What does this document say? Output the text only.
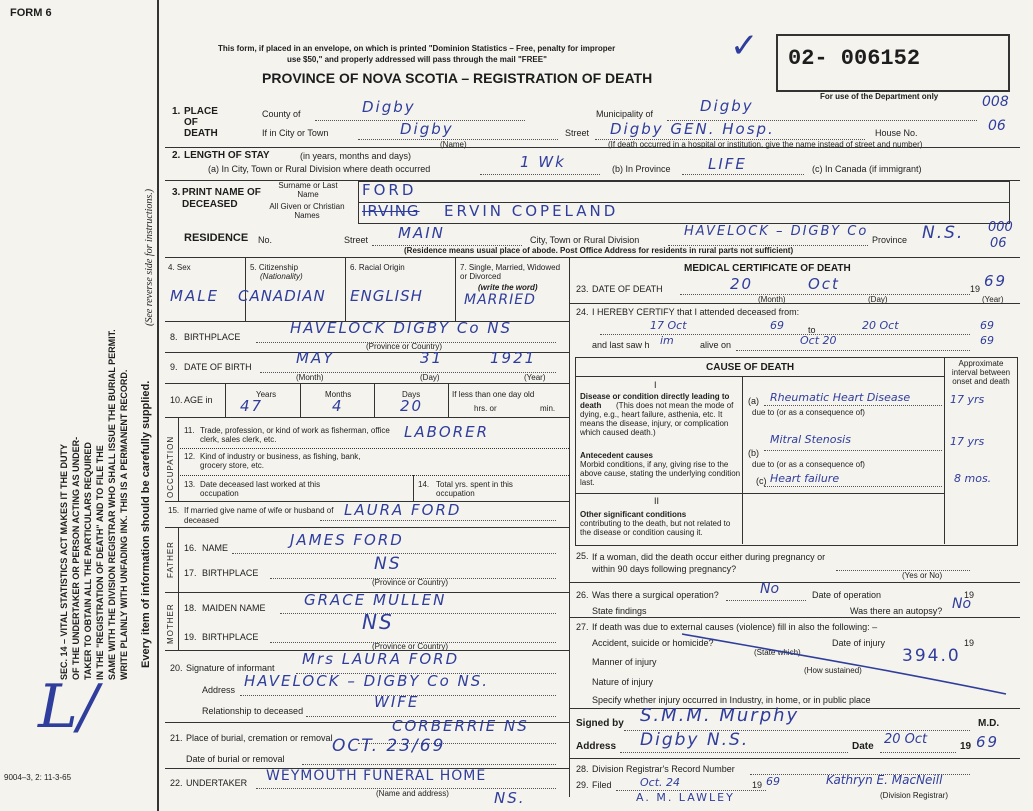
FORM 6
This form, if placed in an envelope, on which is printed "Dominion Statistics – Free, penalty for improper
use $50," and properly addressed will pass through the mail "FREE"
PROVINCE OF NOVA SCOTIA – REGISTRATION OF DEATH
✓ 02- 006152
For use of the Department only
SEC. 14 – VITAL STATISTICS ACT MAKES IT THE DUTY OF THE UNDERTAKER OR PERSON ACTING AS UNDER- TAKER TO OBTAIN ALL THE PARTICULARS REQUIRED IN THE "REGISTRATION OF DEATH" AND TO FILE THE SAME WITH THE DIVISION REGISTRAR WHO SHALL ISSUE THE BURIAL PERMIT. WRITE PLAINLY WITH UNFADING INK. THIS IS A PERMANENT RECORD.
(See reverse side for instructions.)
Every item of information should be carefully supplied.
L/
9004–3, 2: 11-3-65
1. PLACE OF DEATH
County of	Digby	Municipality of	Digby	008
If in City or Town	Digby
(Name)
Street Digby GEN. Hosp.	House No.	06
(If death occurred in a hospital or institution, give the name instead of street and number)
2. LENGTH OF STAY	(in years, months and days)
(a) In City, Town or Rural Division where death occurred	1 Wk	(b) In Province LIFE	(c) In Canada (if immigrant)
3. PRINT NAME OF DECEASED
Surname or Last Name
All Given or Christian Names
FORD
IRVING ERVIN COPELAND
RESIDENCE No.	Street MAIN	City, Town or Rural Division
HAVELOCK – DIGBY Co
Province N.S. 000
06
(Residence means usual place of abode. Post Office Address for residents in rural parts not sufficient)
4. Sex
MALE
5. Citizenship
(Nationality)
CANADIAN
6. Racial Origin
ENGLISH
7. Single, Married, Widowed or Divorced
(write the word)
MARRIED
8. BIRTHPLACE	HAVELOCK DIGBY Co NS
(Province or Country)
9. DATE OF BIRTH	MAY	31	1921
(Month)	(Day)	(Year)
10. AGE in
Years
47
Months
4
Days
20
If less than one day old
hrs. or	min.
OCCUPATION
11. Trade, profession, or kind of work as fisherman, office clerk, sales clerk, etc.	LABORER
12. Kind of industry or business, as fishing, bank, grocery store, etc.
13. Date deceased last worked at this occupation
14. Total yrs. spent in this occupation
15. If married give name of wife or husband of deceased
LAURA FORD
FATHER 16. NAME	JAMES FORD
17. BIRTHPLACE	NS
(Province or Country)
MOTHER 18. MAIDEN NAME	GRACE MULLEN
19. BIRTHPLACE
NS
(Province or Country)
20. Signature of informant Mrs LAURA FORD
Address HAVELOCK – DIGBY Co NS.
Relationship to deceased	WIFE
21. Place of burial, cremation or removal
CORBERRIE NS
Date of burial or removal
OCT. 23/69
22. UNDERTAKER WEYMOUTH FUNERAL HOME
(Name and address)	NS.	A. M. LAWLEY
MEDICAL CERTIFICATE OF DEATH
23. DATE OF DEATH	20	Oct	19 69
(Month)	(Day)	(Year)
24. I HEREBY CERTIFY that I attended deceased from:
17 Oct	69	to	20 Oct	69
and last saw h im	alive on	Oct 20	69
CAUSE OF DEATH	Approximate interval between onset and death
I
Disease or condition directly leading to death	(This does not mean the mode of dying, e.g., heart failure, asthenia, etc. It means the disease, injury, or complication which caused death.)
Antecedent causes
Morbid conditions, if any, giving rise to the above cause, stating the underlying condition last.
II
Other significant conditions
contributing to the death, but not related to the disease or condition causing it.
(a) Rheumatic Heart Disease
due to (or as a consequence of)
17 yrs
(b)
Mitral Stenosis
due to (or as a consequence of)
17 yrs
(c) Heart failure	8 mos.
25. If a woman, did the death occur either during pregnancy or within 90 days following pregnancy?
(Yes or No)
26. Was there a surgical operation?	No	Date of operation	19
State findings	Was there an autopsy? No
27. If death was due to external causes (violence) fill in also the following: –
Accident, suicide or homicide?	Date of injury	19
(State which)
Manner of injury
(How sustained)
394.0
Nature of injury
Specify whether injury occurred in Industry, in home, or in public place
Signed by S.M.M. Murphy	M.D.
Address Digby N.S.	Date 20 Oct	19 69
28. Division Registrar's Record Number
29. Filed	Oct. 24	19 69	Kathryn E. MacNeill
(Division Registrar)
